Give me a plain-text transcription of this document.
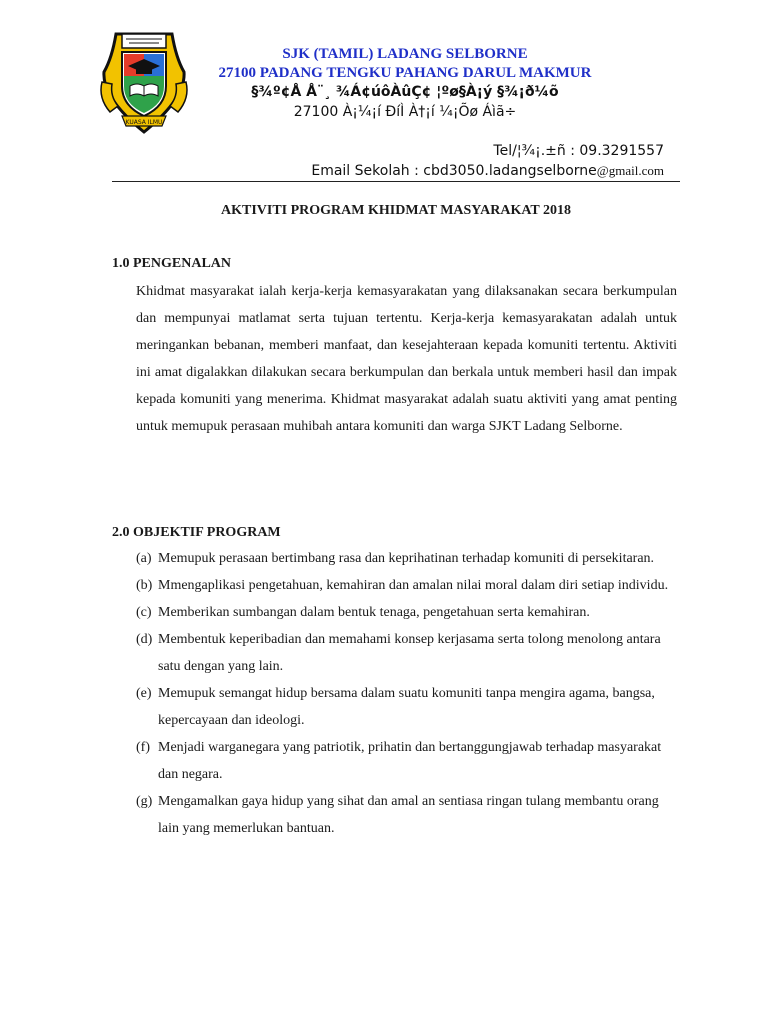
KUASA ILMU
SJK (TAMIL) LADANG SELBORNE
27100 PADANG TENGKU PAHANG DARUL MAKMUR
§¾º¢Å Å¨¸ ¾Á¢úôÀûÇ¢ ¦ºø§À¡ý §¾¡ð¼õ
27100 À¡¼¡í ÐíÌ À†¡í ¼¡Õø Áìã÷
Tel/¦¾¡.±ñ : 09.3291557
Email Sekolah : cbd3050.ladangselborne@gmail.com
AKTIVITI PROGRAM KHIDMAT MASYARAKAT 2018
1.0 PENGENALAN

Khidmat masyarakat ialah kerja-kerja kemasyarakatan yang dilaksanakan secara berkumpulan dan mempunyai matlamat serta tujuan tertentu. Kerja-kerja kemasyarakatan adalah untuk meringankan bebanan, memberi manfaat, dan kesejahteraan kepada komuniti tertentu. Aktiviti ini amat digalakkan dilakukan secara berkumpulan dan berkala untuk memberi hasil dan impak kepada komuniti yang menerima. Khidmat masyarakat adalah suatu aktiviti yang amat penting untuk memupuk perasaan muhibah antara komuniti dan warga SJKT Ladang Selborne.

2.0 OBJEKTIF PROGRAM
(a) Memupuk perasaan bertimbang rasa dan keprihatinan terhadap komuniti di persekitaran.
(b) Mmengaplikasi pengetahuan, kemahiran dan amalan nilai moral dalam diri setiap individu.
(c) Memberikan sumbangan dalam bentuk tenaga, pengetahuan serta kemahiran.
(d) Membentuk keperibadian dan memahami konsep kerjasama serta tolong menolong antara satu dengan yang lain.
(e) Memupuk semangat hidup bersama dalam suatu komuniti tanpa mengira agama, bangsa, kepercayaan dan ideologi.
(f) Menjadi warganegara yang patriotik, prihatin dan bertanggungjawab terhadap masyarakat dan negara.
(g) Mengamalkan gaya hidup yang sihat dan amal an sentiasa ringan tulang membantu orang lain yang memerlukan bantuan.
